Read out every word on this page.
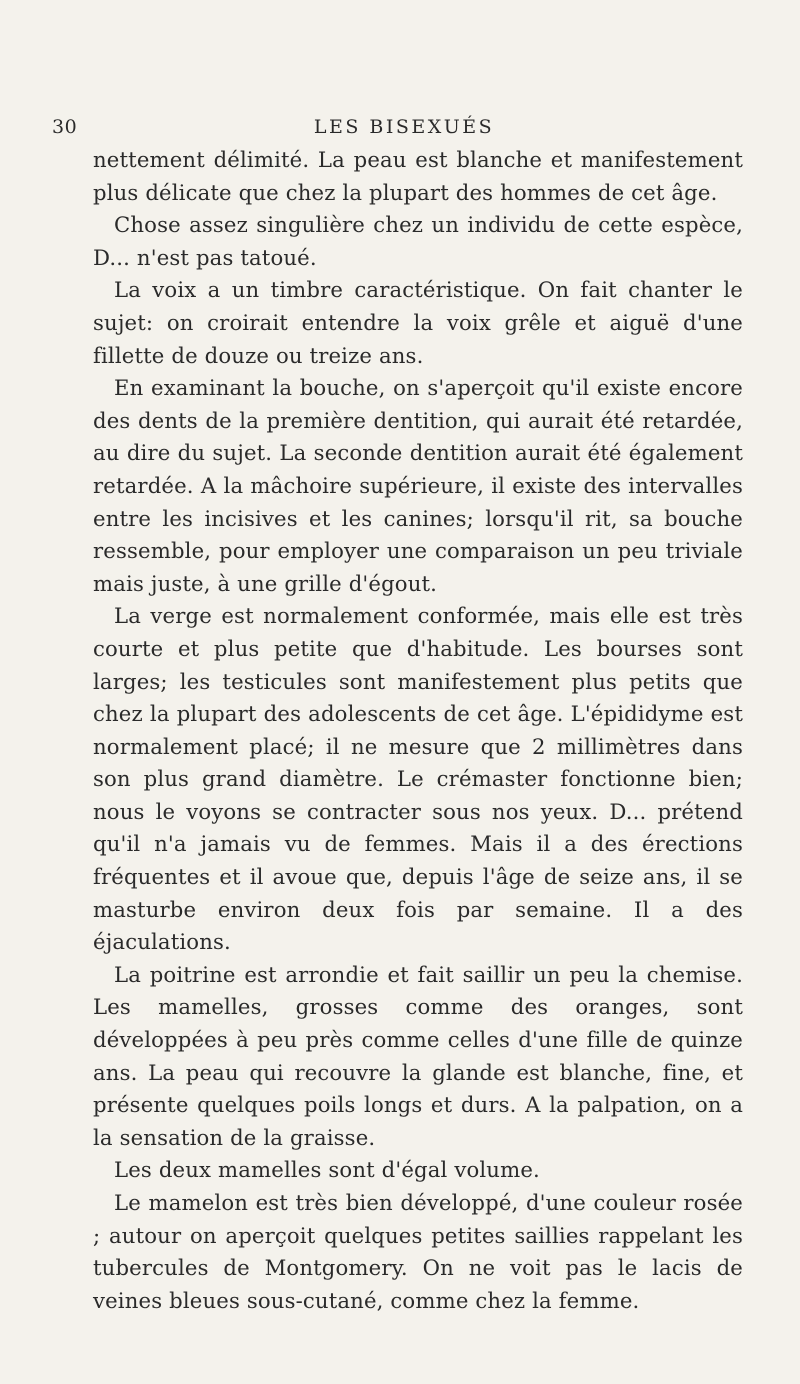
30	LES BISEXUÉS

nettement délimité. La peau est blanche et manifestement plus délicate que chez la plupart des hommes de cet âge.

Chose assez singulière chez un individu de cette espèce, D... n'est pas tatoué.

La voix a un timbre caractéristique. On fait chanter le sujet: on croirait entendre la voix grêle et aiguë d'une fillette de douze ou treize ans.

En examinant la bouche, on s'aperçoit qu'il existe encore des dents de la première dentition, qui aurait été retardée, au dire du sujet. La seconde dentition aurait été également retardée. A la mâchoire supérieure, il existe des intervalles entre les incisives et les canines; lorsqu'il rit, sa bouche ressemble, pour employer une comparaison un peu triviale mais juste, à une grille d'égout.

La verge est normalement conformée, mais elle est très courte et plus petite que d'habitude. Les bourses sont larges; les testicules sont manifestement plus petits que chez la plupart des adolescents de cet âge. L'épididyme est normalement placé; il ne mesure que 2 millimètres dans son plus grand diamètre. Le crémaster fonctionne bien; nous le voyons se contracter sous nos yeux. D... prétend qu'il n'a jamais vu de femmes. Mais il a des érections fréquentes et il avoue que, depuis l'âge de seize ans, il se masturbe environ deux fois par semaine. Il a des éjaculations.

La poitrine est arrondie et fait saillir un peu la chemise. Les mamelles, grosses comme des oranges, sont développées à peu près comme celles d'une fille de quinze ans. La peau qui recouvre la glande est blanche, fine, et présente quelques poils longs et durs. A la palpation, on a la sensation de la graisse.

Les deux mamelles sont d'égal volume.

Le mamelon est très bien développé, d'une couleur rosée ; autour on aperçoit quelques petites saillies rappelant les tubercules de Montgomery. On ne voit pas le lacis de veines bleues sous-cutané, comme chez la femme.
